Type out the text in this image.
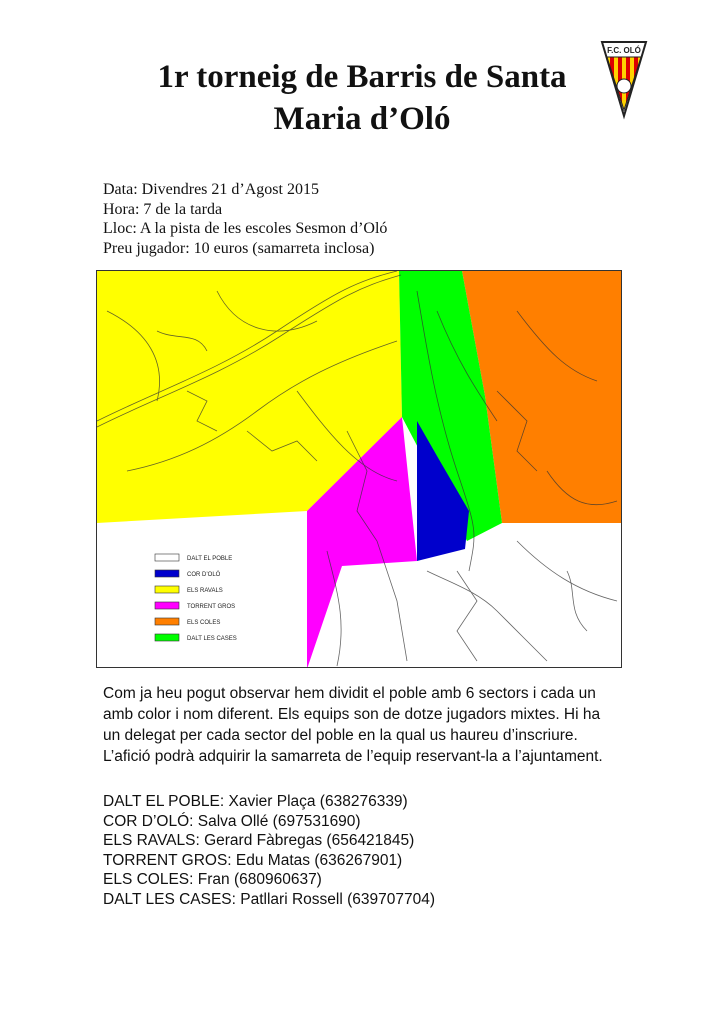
1r torneig de Barris de Santa
Maria d’Oló
F.C. OLÓ
Data: Divendres 21 d’Agost 2015
Hora: 7 de la tarda
Lloc: A la pista de les escoles Sesmon d’Oló
Preu jugador: 10 euros (samarreta inclosa)
DALT EL POBLE
COR D’OLÓ
ELS RAVALS
TORRENT GROS
ELS COLES
DALT LES CASES
Com ja heu pogut observar hem dividit el poble amb 6 sectors i cada un
amb color i nom diferent. Els equips son de dotze jugadors mixtes. Hi ha
un delegat per cada sector del poble en la qual us haureu d’inscriure.
L’afició podrà adquirir la samarreta de l’equip reservant-la a l’ajuntament.
DALT EL POBLE: Xavier Plaça (638276339)
COR D’OLÓ: Salva Ollé (697531690)
ELS RAVALS: Gerard Fàbregas (656421845)
TORRENT GROS: Edu Matas (636267901)
ELS COLES: Fran (680960637)
DALT LES CASES: Patllari Rossell (639707704)
